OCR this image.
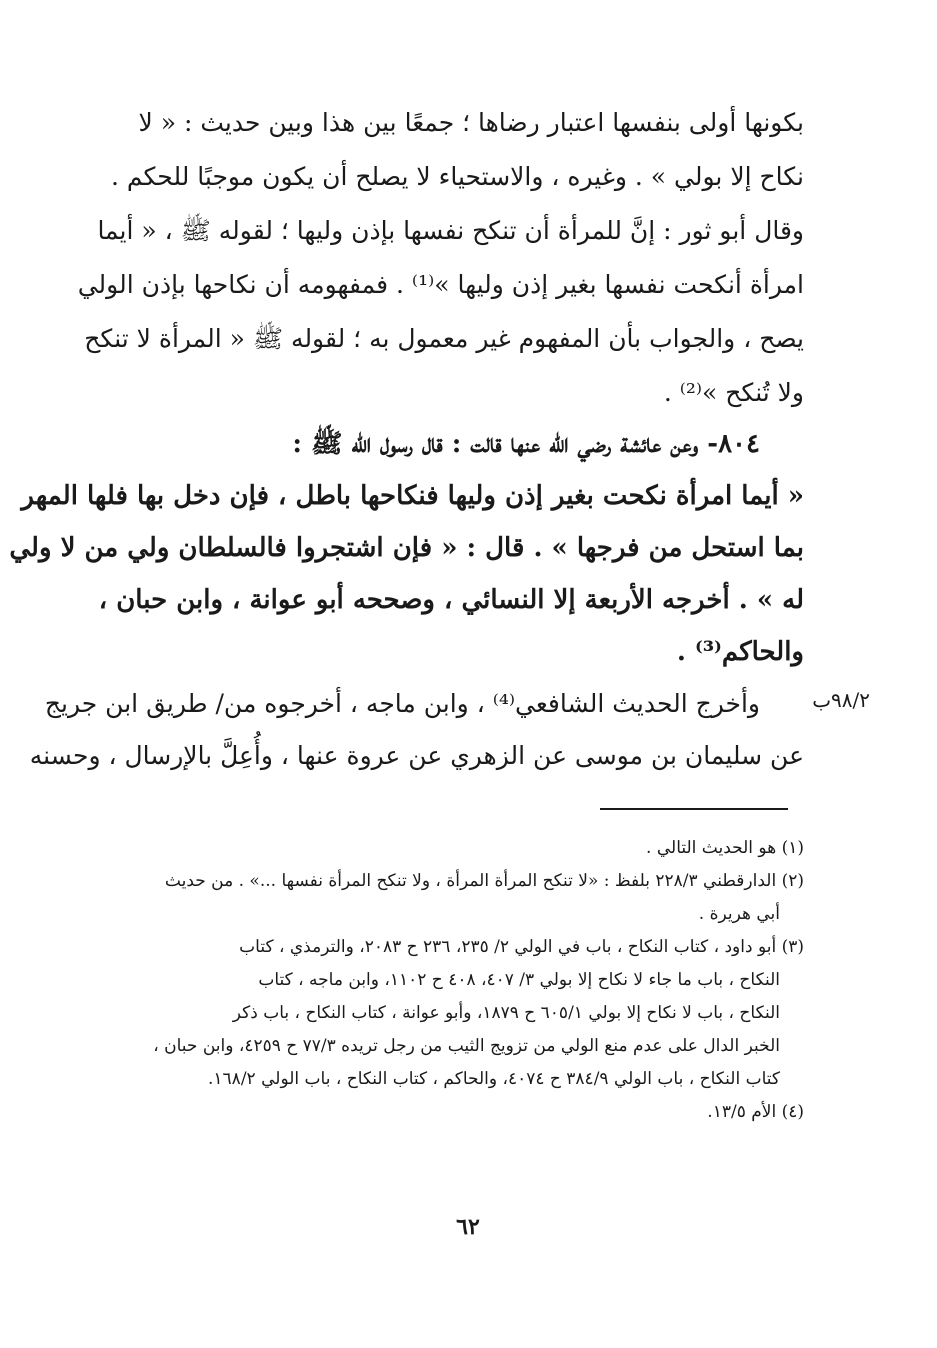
بكونها أولى بنفسها اعتبار رضاها ؛ جمعًا بين هذا وبين حديث : « لا
نكاح إلا بولي » . وغيره ، والاستحياء لا يصلح أن يكون موجبًا للحكم .
وقال أبو ثور : إنَّ للمرأة أن تنكح نفسها بإذن وليها ؛ لقوله ﷺ ، « أيما
امرأة أنكحت نفسها بغير إذن وليها »⁽¹⁾ . فمفهومه أن نكاحها بإذن الولي
يصح ، والجواب بأن المفهوم غير معمول به ؛ لقوله ﷺ « المرأة لا تنكح
ولا تُنكح »⁽²⁾ .
٨٠٤- وعن عائشة رضي الله عنها قالت : قال رسول الله ﷺ :
« أيما امرأة نكحت بغير إذن وليها فنكاحها باطل ، فإن دخل بها فلها المهر
بما استحل من فرجها » . قال : « فإن اشتجروا فالسلطان ولي من لا ولي
له » . أخرجه الأربعة إلا النسائي ، وصححه أبو عوانة ، وابن حبان ،
والحاكم⁽³⁾ .
٩٨/٢ب
وأخرج الحديث الشافعي⁽⁴⁾ ، وابن ماجه ، أخرجوه من/ طريق ابن جريج
عن سليمان بن موسى عن الزهري عن عروة عنها ، وأُعِلَّ بالإرسال ، وحسنه
(١) هو الحديث التالي .
(٢) الدارقطني ٢٢٨/٣ بلفظ : «لا تنكح المرأة المرأة ، ولا تنكح المرأة نفسها ...» . من حديث
أبي هريرة .
(٣) أبو داود ، كتاب النكاح ، باب في الولي ٢/ ٢٣٥، ٢٣٦ ح ٢٠٨٣، والترمذي ، كتاب
النكاح ، باب ما جاء لا نكاح إلا بولي ٣/ ٤٠٧، ٤٠٨ ح ١١٠٢، وابن ماجه ، كتاب
النكاح ، باب لا نكاح إلا بولي ٦٠٥/١ ح ١٨٧٩، وأبو عوانة ، كتاب النكاح ، باب ذكر
الخبر الدال على عدم منع الولي من تزويج الثيب من رجل تريده ٧٧/٣ ح ٤٢٥٩، وابن حبان ،
كتاب النكاح ، باب الولي ٣٨٤/٩ ح ٤٠٧٤، والحاكم ، كتاب النكاح ، باب الولي ١٦٨/٢.
(٤) الأم ١٣/٥.
٦٢
